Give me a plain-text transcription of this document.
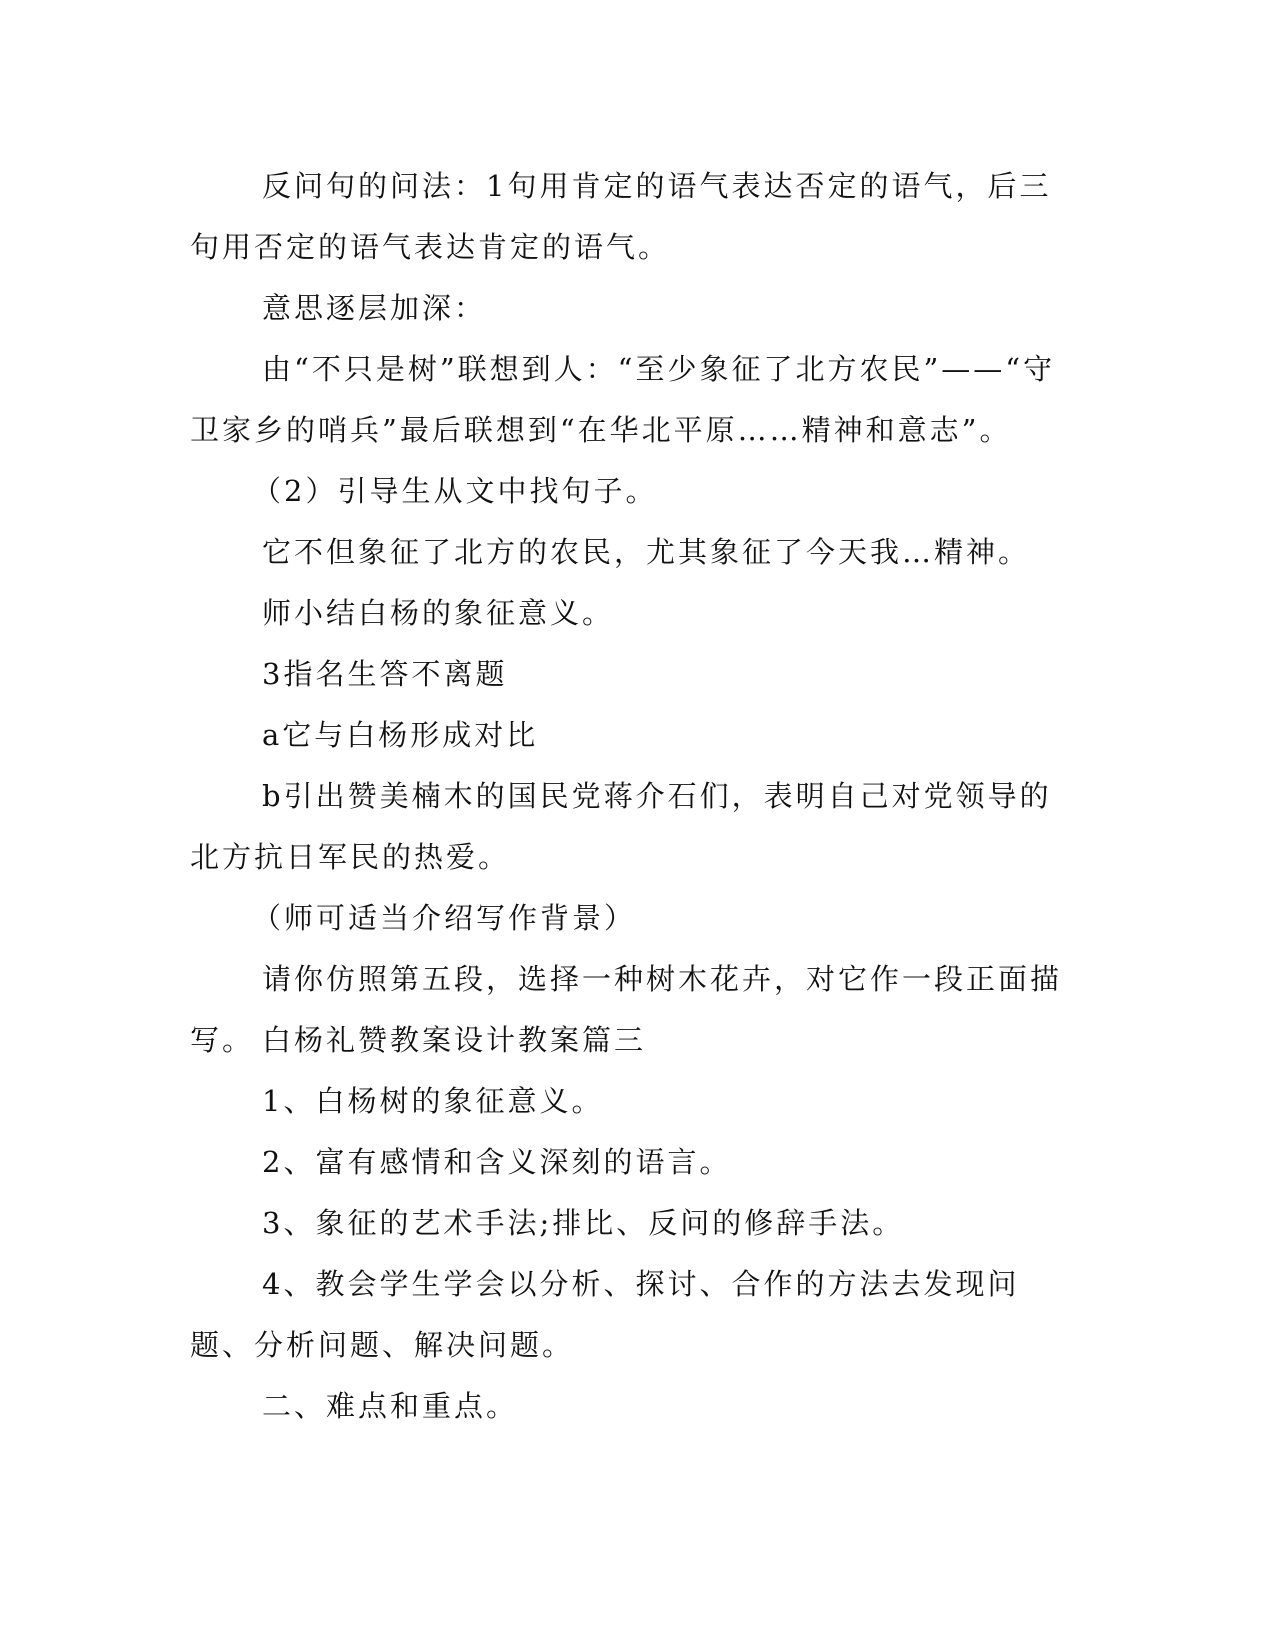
反问句的问法：1句用肯定的语气表达否定的语气，后三句用否定的语气表达肯定的语气。

意思逐层加深：

由“不只是树”联想到人：“至少象征了北方农民”——“守卫家乡的哨兵”最后联想到“在华北平原……精神和意志”。

（2）引导生从文中找句子。

它不但象征了北方的农民，尤其象征了今天我…精神。

师小结白杨的象征意义。

3指名生答不离题

a它与白杨形成对比

b引出赞美楠木的国民党蒋介石们，表明自己对党领导的北方抗日军民的热爱。

（师可适当介绍写作背景）

请你仿照第五段，选择一种树木花卉，对它作一段正面描写。 白杨礼赞教案设计教案篇三

1、白杨树的象征意义。

2、富有感情和含义深刻的语言。

3、象征的艺术手法;排比、反问的修辞手法。

4、教会学生学会以分析、探讨、合作的方法去发现问题、分析问题、解决问题。

二、难点和重点。
